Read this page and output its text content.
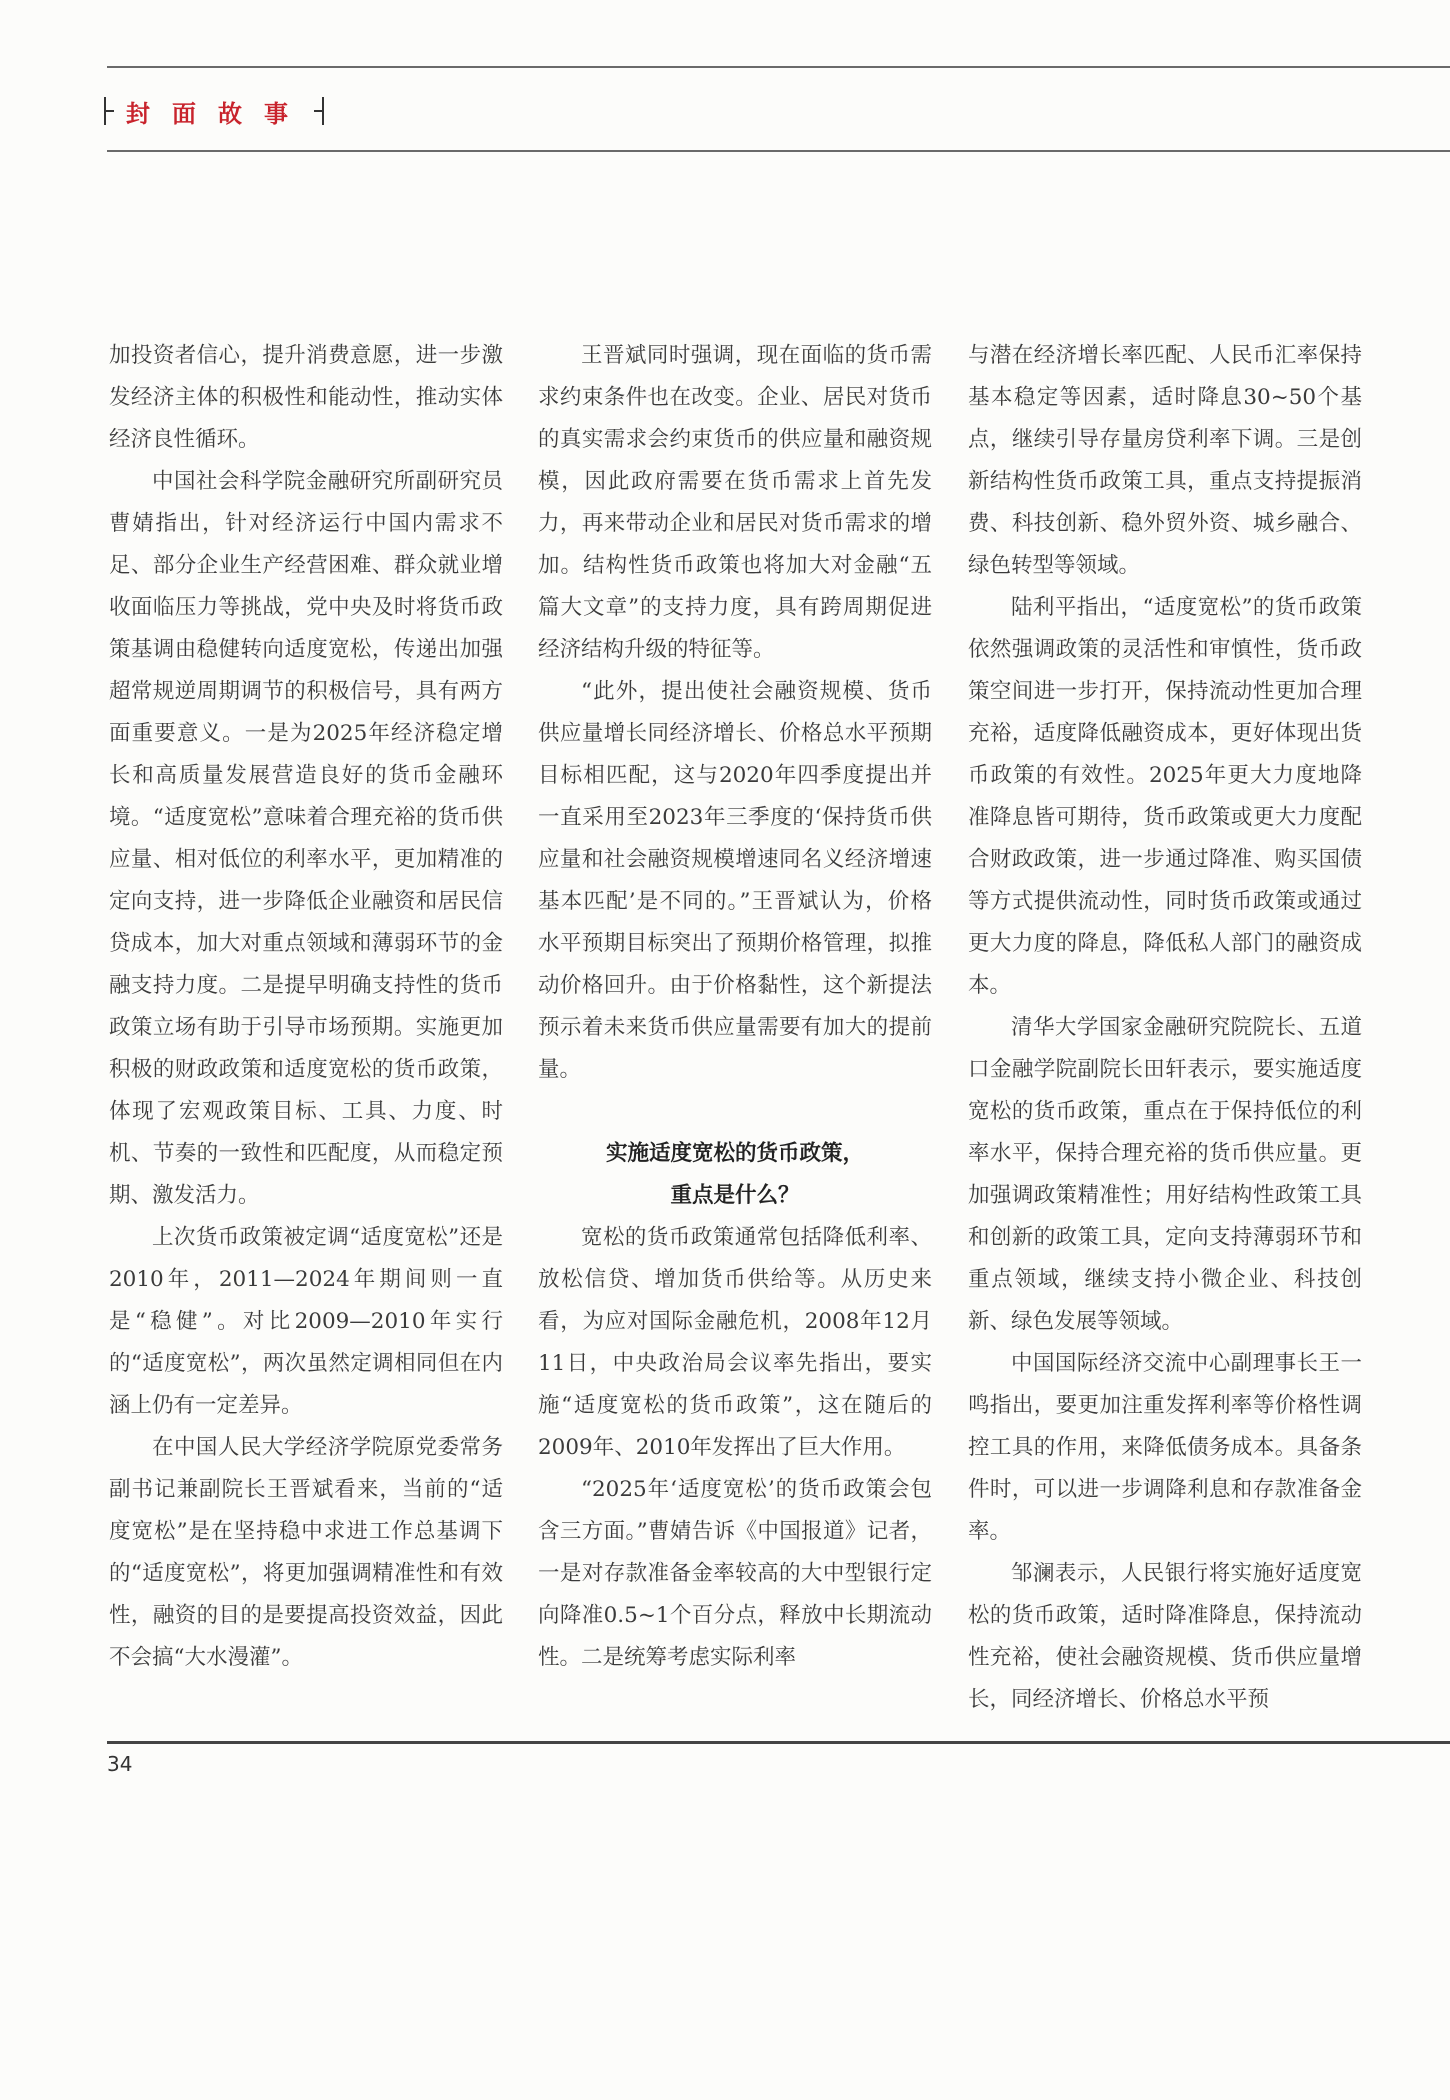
封面故事

加投资者信心，提升消费意愿，进一步激发经济主体的积极性和能动性，推动实体经济良性循环。

中国社会科学院金融研究所副研究员曹婧指出，针对经济运行中国内需求不足、部分企业生产经营困难、群众就业增收面临压力等挑战，党中央及时将货币政策基调由稳健转向适度宽松，传递出加强超常规逆周期调节的积极信号，具有两方面重要意义。一是为2025年经济稳定增长和高质量发展营造良好的货币金融环境。“适度宽松”意味着合理充裕的货币供应量、相对低位的利率水平，更加精准的定向支持，进一步降低企业融资和居民信贷成本，加大对重点领域和薄弱环节的金融支持力度。二是提早明确支持性的货币政策立场有助于引导市场预期。实施更加积极的财政政策和适度宽松的货币政策，体现了宏观政策目标、工具、力度、时机、节奏的一致性和匹配度，从而稳定预期、激发活力。

上次货币政策被定调“适度宽松”还是2010年，2011—2024年期间则一直是“稳健”。对比2009—2010年实行的“适度宽松”，两次虽然定调相同但在内涵上仍有一定差异。

在中国人民大学经济学院原党委常务副书记兼副院长王晋斌看来，当前的“适度宽松”是在坚持稳中求进工作总基调下的“适度宽松”，将更加强调精准性和有效性，融资的目的是要提高投资效益，因此不会搞“大水漫灌”。

王晋斌同时强调，现在面临的货币需求约束条件也在改变。企业、居民对货币的真实需求会约束货币的供应量和融资规模，因此政府需要在货币需求上首先发力，再来带动企业和居民对货币需求的增加。结构性货币政策也将加大对金融“五篇大文章”的支持力度，具有跨周期促进经济结构升级的特征等。

“此外，提出使社会融资规模、货币供应量增长同经济增长、价格总水平预期目标相匹配，这与2020年四季度提出并一直采用至2023年三季度的‘保持货币供应量和社会融资规模增速同名义经济增速基本匹配’是不同的。”王晋斌认为，价格水平预期目标突出了预期价格管理，拟推动价格回升。由于价格黏性，这个新提法预示着未来货币供应量需要有加大的提前量。

实施适度宽松的货币政策，
重点是什么？

宽松的货币政策通常包括降低利率、放松信贷、增加货币供给等。从历史来看，为应对国际金融危机，2008年12月11日，中央政治局会议率先指出，要实施“适度宽松的货币政策”，这在随后的2009年、2010年发挥出了巨大作用。

“2025年‘适度宽松’的货币政策会包含三方面。”曹婧告诉《中国报道》记者，一是对存款准备金率较高的大中型银行定向降准0.5~1个百分点，释放中长期流动性。二是统筹考虑实际利率

与潜在经济增长率匹配、人民币汇率保持基本稳定等因素，适时降息30~50个基点，继续引导存量房贷利率下调。三是创新结构性货币政策工具，重点支持提振消费、科技创新、稳外贸外资、城乡融合、绿色转型等领域。

陆利平指出，“适度宽松”的货币政策依然强调政策的灵活性和审慎性，货币政策空间进一步打开，保持流动性更加合理充裕，适度降低融资成本，更好体现出货币政策的有效性。2025年更大力度地降准降息皆可期待，货币政策或更大力度配合财政政策，进一步通过降准、购买国债等方式提供流动性，同时货币政策或通过更大力度的降息，降低私人部门的融资成本。

清华大学国家金融研究院院长、五道口金融学院副院长田轩表示，要实施适度宽松的货币政策，重点在于保持低位的利率水平，保持合理充裕的货币供应量。更加强调政策精准性；用好结构性政策工具和创新的政策工具，定向支持薄弱环节和重点领域，继续支持小微企业、科技创新、绿色发展等领域。

中国国际经济交流中心副理事长王一鸣指出，要更加注重发挥利率等价格性调控工具的作用，来降低债务成本。具备条件时，可以进一步调降利息和存款准备金率。

邹澜表示，人民银行将实施好适度宽松的货币政策，适时降准降息，保持流动性充裕，使社会融资规模、货币供应量增长，同经济增长、价格总水平预

34
